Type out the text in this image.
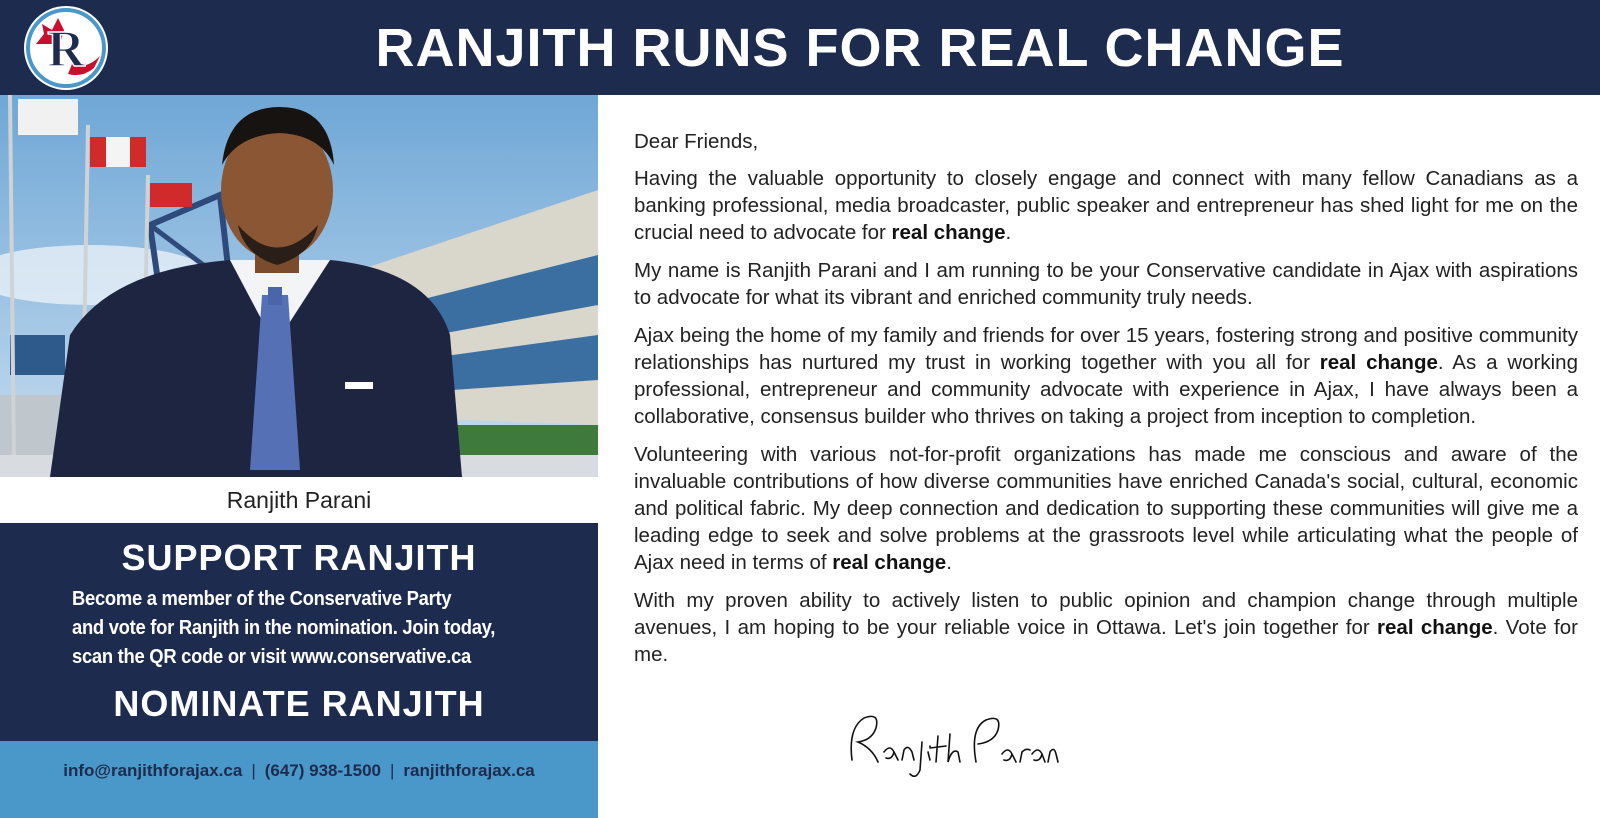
R	RANJITH RUNS FOR REAL CHANGE
Ranjith Parani
SUPPORT RANJITH
Become a member of the Conservative Party
and vote for Ranjith in the nomination. Join today,
scan the QR code or visit www.conservative.ca
NOMINATE RANJITH
info@ranjithforajax.ca | (647) 938-1500 | ranjithforajax.ca

Dear Friends,

Having the valuable opportunity to closely engage and connect with many fellow Canadians as a banking professional, media broadcaster, public speaker and entrepreneur has shed light for me on the crucial need to advocate for real change.

My name is Ranjith Parani and I am running to be your Conservative candidate in Ajax with aspirations to advocate for what its vibrant and enriched community truly needs.

Ajax being the home of my family and friends for over 15 years, fostering strong and positive community relationships has nurtured my trust in working together with you all for real change. As a working professional, entrepreneur and community advocate with experience in Ajax, I have always been a collaborative, consensus builder who thrives on taking a project from inception to completion.

Volunteering with various not-for-profit organizations has made me conscious and aware of the invaluable contributions of how diverse communities have enriched Canada's social, cultural, economic and political fabric. My deep connection and dedication to supporting these communities will give me a leading edge to seek and solve problems at the grassroots level while articulating what the people of Ajax need in terms of real change.

With my proven ability to actively listen to public opinion and champion change through multiple avenues, I am hoping to be your reliable voice in Ottawa. Let's join together for real change. Vote for me.
